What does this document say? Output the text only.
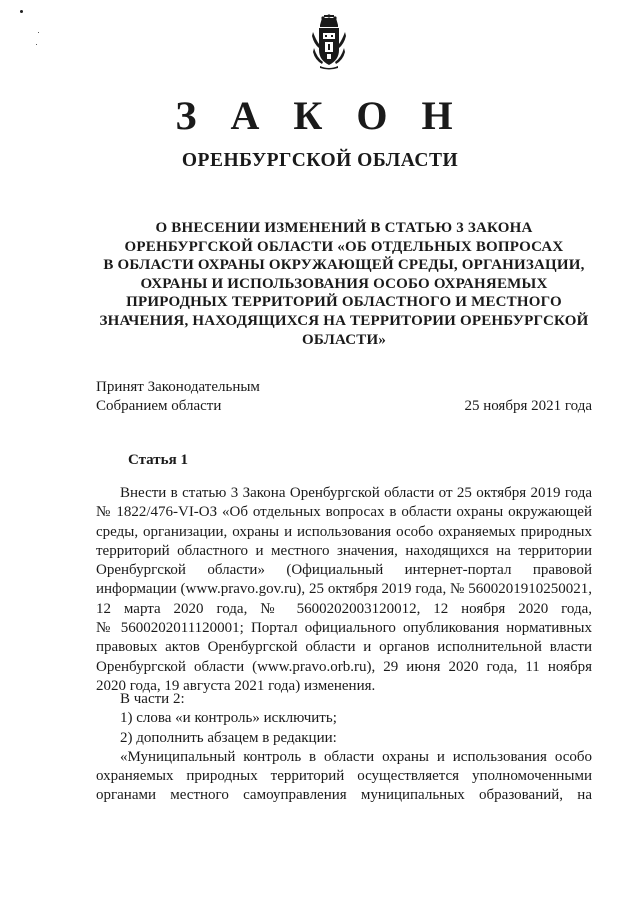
З А К О Н
ОРЕНБУРГСКОЙ ОБЛАСТИ
О ВНЕСЕНИИ ИЗМЕНЕНИЙ В СТАТЬЮ 3 ЗАКОНА
ОРЕНБУРГСКОЙ ОБЛАСТИ «ОБ ОТДЕЛЬНЫХ ВОПРОСАХ
В ОБЛАСТИ ОХРАНЫ ОКРУЖАЮЩЕЙ СРЕДЫ, ОРГАНИЗАЦИИ,
ОХРАНЫ И ИСПОЛЬЗОВАНИЯ ОСОБО ОХРАНЯЕМЫХ
ПРИРОДНЫХ ТЕРРИТОРИЙ ОБЛАСТНОГО И МЕСТНОГО
ЗНАЧЕНИЯ, НАХОДЯЩИХСЯ НА ТЕРРИТОРИИ ОРЕНБУРГСКОЙ
ОБЛАСТИ»
Принят Законодательным
Собранием области	25 ноября 2021 года
Статья 1
Внести в статью 3 Закона Оренбургской области от 25 октября 2019 года
№ 1822/476-VI-ОЗ «Об отдельных вопросах в области охраны окружающей
среды, организации, охраны и использования особо охраняемых природных
территорий областного и местного значения, находящихся на территории
Оренбургской области» (Официальный интернет-портал правовой
информации (www.pravo.gov.ru), 25 октября 2019 года, № 5600201910250021,
12 марта 2020 года, № 5600202003120012, 12 ноября 2020 года,
№ 5600202011120001; Портал официального опубликования нормативных
правовых актов Оренбургской области и органов исполнительной власти
Оренбургской области (www.pravo.orb.ru), 29 июня 2020 года, 11 ноября
2020 года, 19 августа 2021 года) изменения.
В части 2:
1) слова «и контроль» исключить;
2) дополнить абзацем в редакции:
«Муниципальный контроль в области охраны и использования особо
охраняемых природных территорий осуществляется уполномоченными
органами местного самоуправления муниципальных образований, на
